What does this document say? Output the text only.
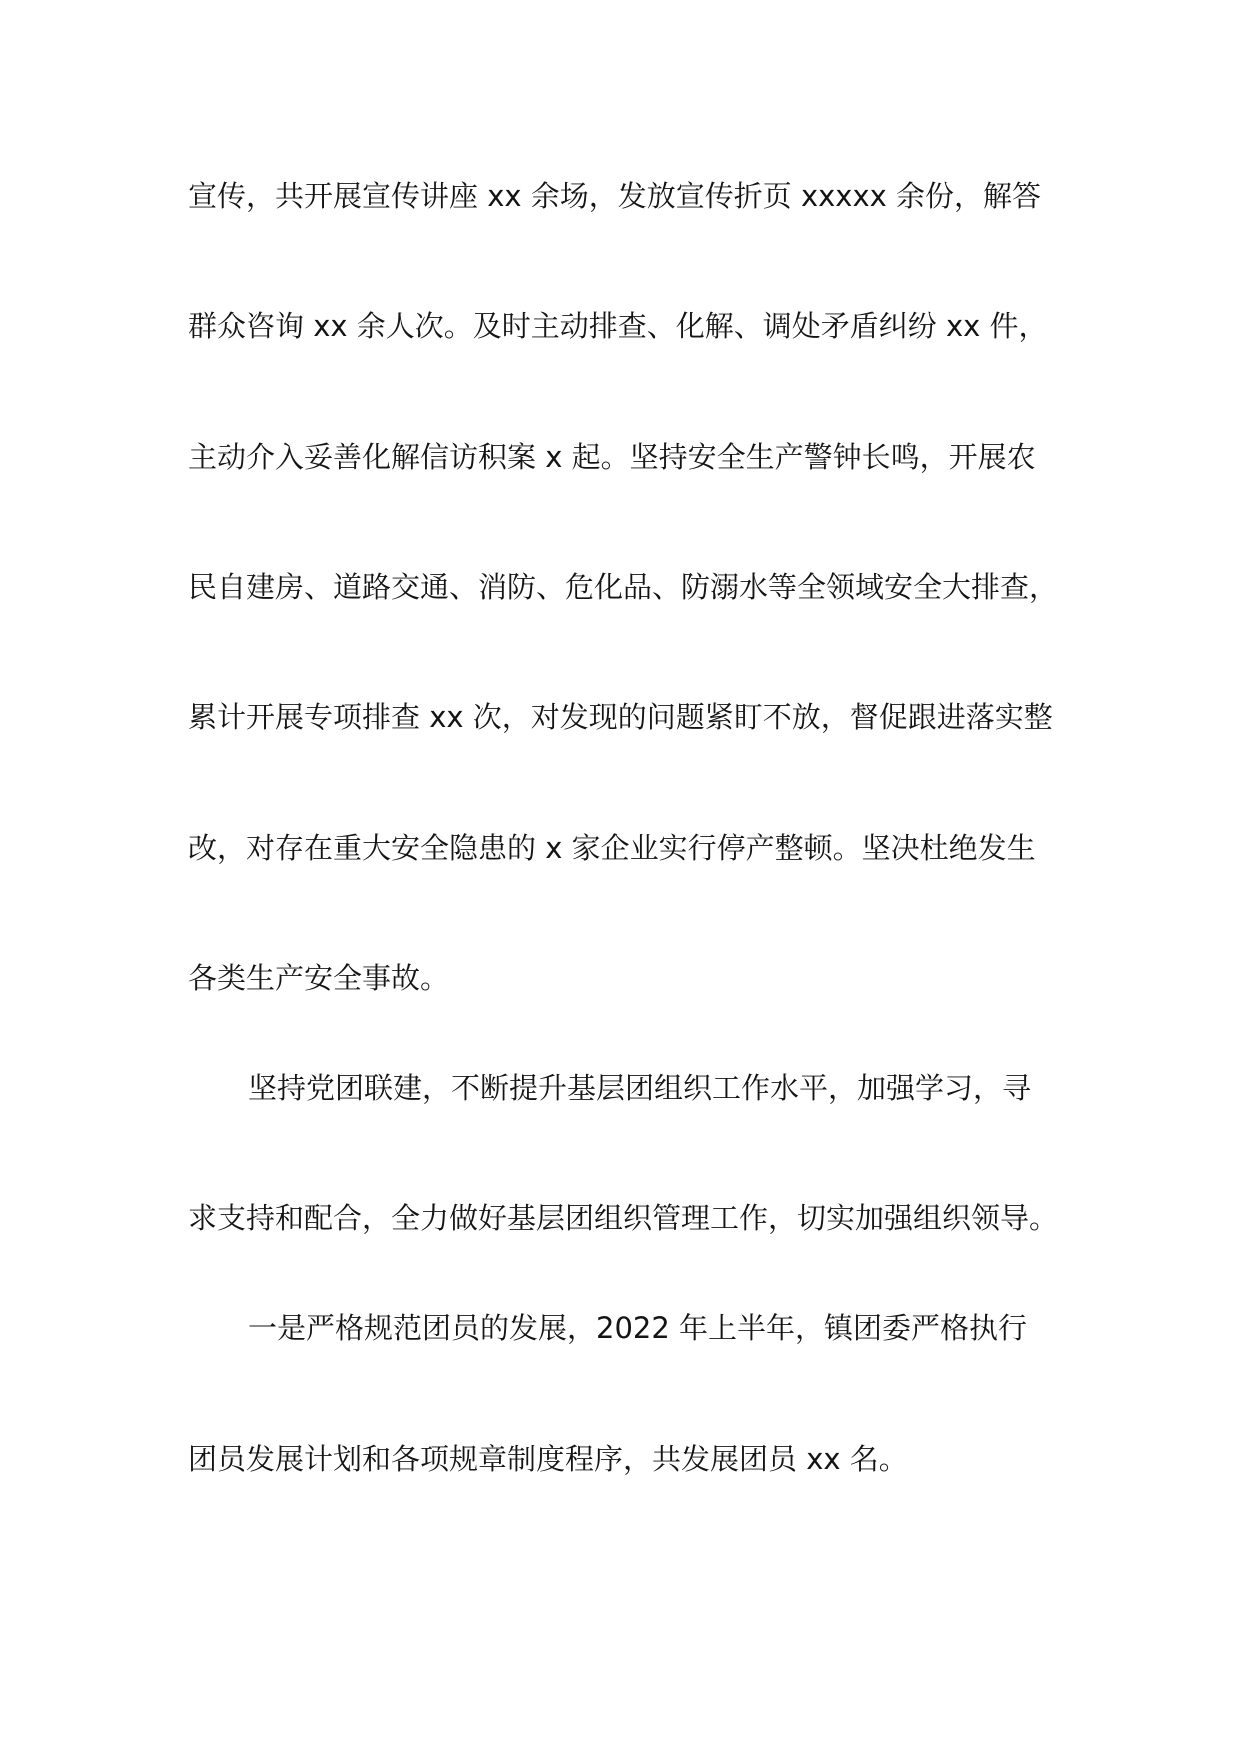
宣传，共开展宣传讲座 xx 余场，发放宣传折页 xxxxx 余份，解答
群众咨询 xx 余人次。及时主动排查、化解、调处矛盾纠纷 xx 件，
主动介入妥善化解信访积案 x 起。坚持安全生产警钟长鸣，开展农
民自建房、道路交通、消防、危化品、防溺水等全领域安全大排查，
累计开展专项排查 xx 次，对发现的问题紧盯不放，督促跟进落实整
改，对存在重大安全隐患的 x 家企业实行停产整顿。坚决杜绝发生
各类生产安全事故。
坚持党团联建，不断提升基层团组织工作水平，加强学习，寻
求支持和配合，全力做好基层团组织管理工作，切实加强组织领导。
一是严格规范团员的发展，2022 年上半年，镇团委严格执行
团员发展计划和各项规章制度程序，共发展团员 xx 名。
